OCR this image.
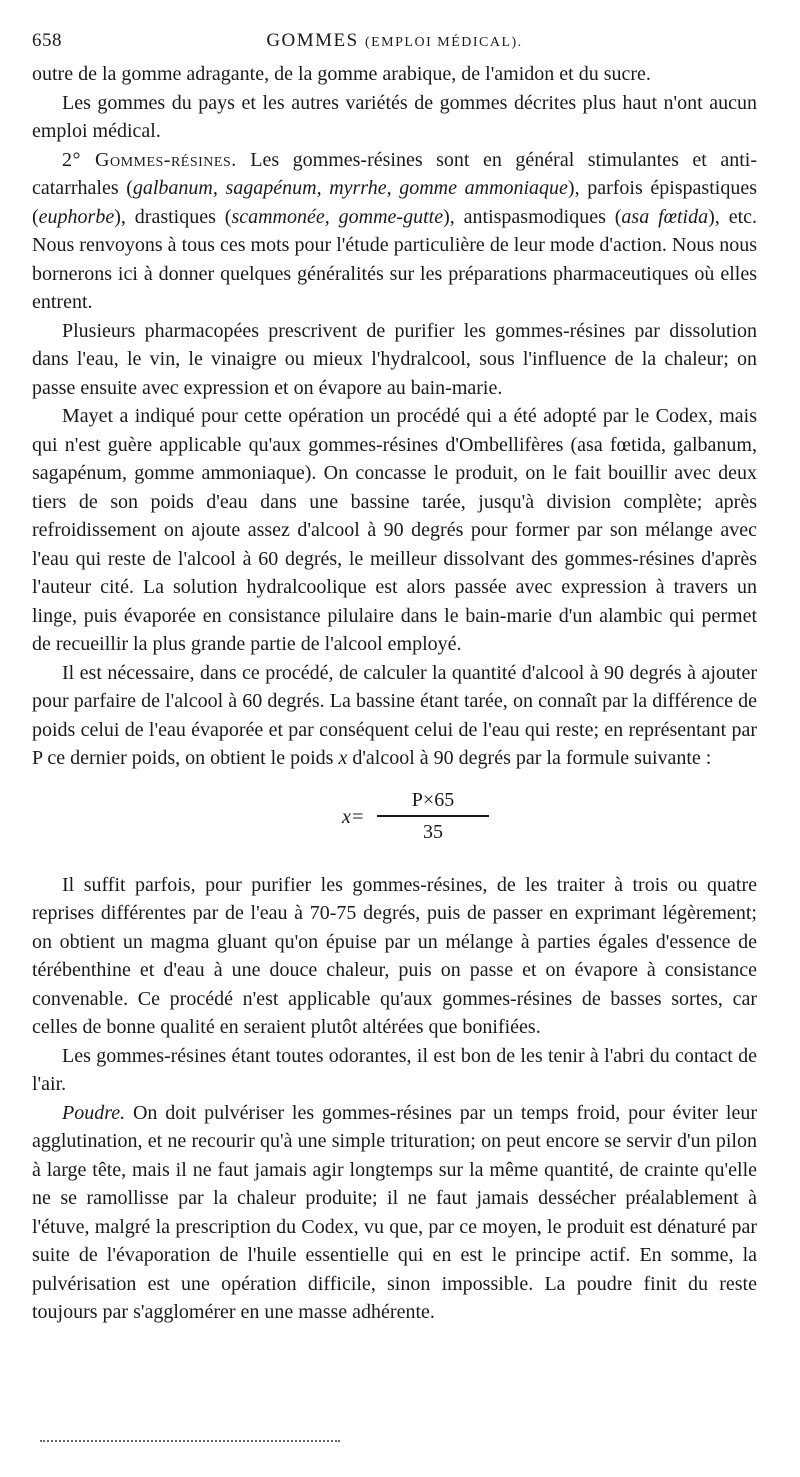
658	GOMMES (EMPLOI MÉDICAL).

outre de la gomme adragante, de la gomme arabique, de l'amidon et du sucre.

Les gommes du pays et les autres variétés de gommes décrites plus haut n'ont aucun emploi médical.

2° Gommes-résines. Les gommes-résines sont en général stimulantes et anti-catarrhales (galbanum, sagapénum, myrrhe, gomme ammoniaque), parfois épispastiques (euphorbe), drastiques (scammonée, gomme-gutte), antispasmodiques (asa fœtida), etc. Nous renvoyons à tous ces mots pour l'étude particulière de leur mode d'action. Nous nous bornerons ici à donner quelques généralités sur les préparations pharmaceutiques où elles entrent.

Plusieurs pharmacopées prescrivent de purifier les gommes-résines par dissolution dans l'eau, le vin, le vinaigre ou mieux l'hydralcool, sous l'influence de la chaleur; on passe ensuite avec expression et on évapore au bain-marie.

Mayet a indiqué pour cette opération un procédé qui a été adopté par le Codex, mais qui n'est guère applicable qu'aux gommes-résines d'Ombellifères (asa fœtida, galbanum, sagapénum, gomme ammoniaque). On concasse le produit, on le fait bouillir avec deux tiers de son poids d'eau dans une bassine tarée, jusqu'à division complète; après refroidissement on ajoute assez d'alcool à 90 degrés pour former par son mélange avec l'eau qui reste de l'alcool à 60 degrés, le meilleur dissolvant des gommes-résines d'après l'auteur cité. La solution hydralcoolique est alors passée avec expression à travers un linge, puis évaporée en consistance pilulaire dans le bain-marie d'un alambic qui permet de recueillir la plus grande partie de l'alcool employé.

Il est nécessaire, dans ce procédé, de calculer la quantité d'alcool à 90 degrés à ajouter pour parfaire de l'alcool à 60 degrés. La bassine étant tarée, on connaît par la différence de poids celui de l'eau évaporée et par conséquent celui de l'eau qui reste; en représentant par P ce dernier poids, on obtient le poids x d'alcool à 90 degrés par la formule suivante :

x=
P×65
35

Il suffit parfois, pour purifier les gommes-résines, de les traiter à trois ou quatre reprises différentes par de l'eau à 70-75 degrés, puis de passer en exprimant légèrement; on obtient un magma gluant qu'on épuise par un mélange à parties égales d'essence de térébenthine et d'eau à une douce chaleur, puis on passe et on évapore à consistance convenable. Ce procédé n'est applicable qu'aux gommes-résines de basses sortes, car celles de bonne qualité en seraient plutôt altérées que bonifiées.

Les gommes-résines étant toutes odorantes, il est bon de les tenir à l'abri du contact de l'air.

Poudre. On doit pulvériser les gommes-résines par un temps froid, pour éviter leur agglutination, et ne recourir qu'à une simple trituration; on peut encore se servir d'un pilon à large tête, mais il ne faut jamais agir longtemps sur la même quantité, de crainte qu'elle ne se ramollisse par la chaleur produite; il ne faut jamais dessécher préalablement à l'étuve, malgré la prescription du Codex, vu que, par ce moyen, le produit est dénaturé par suite de l'évaporation de l'huile essentielle qui en est le principe actif. En somme, la pulvérisation est une opération difficile, sinon impossible. La poudre finit du reste toujours par s'agglomérer en une masse adhérente.
